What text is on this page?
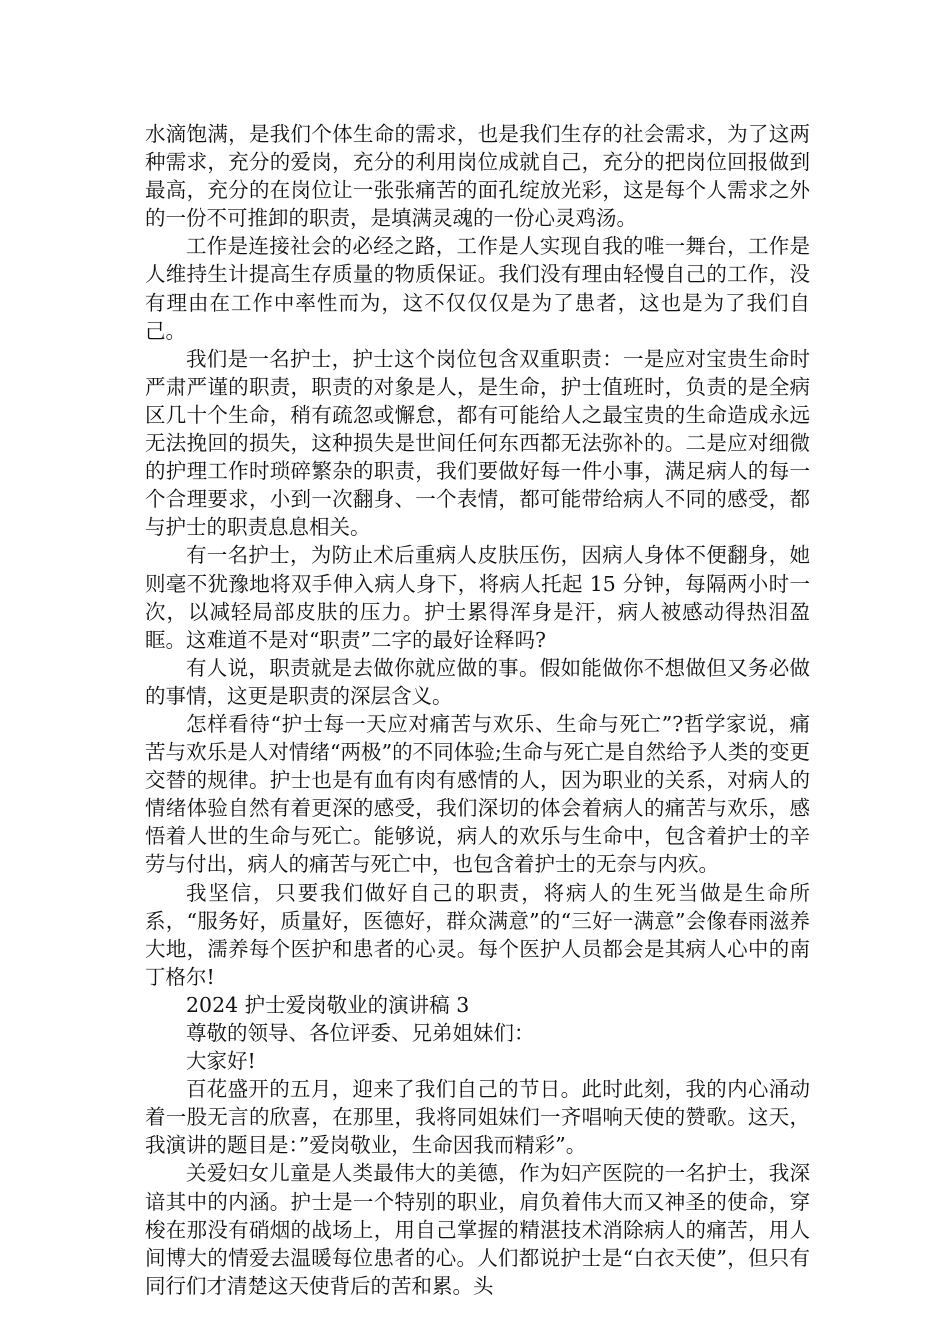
水滴饱满，是我们个体生命的需求，也是我们生存的社会需求，为了这两种需求，充分的爱岗，充分的利用岗位成就自己，充分的把岗位回报做到最高，充分的在岗位让一张张痛苦的面孔绽放光彩，这是每个人需求之外的一份不可推卸的职责，是填满灵魂的一份心灵鸡汤。

工作是连接社会的必经之路，工作是人实现自我的唯一舞台，工作是人维持生计提高生存质量的物质保证。我们没有理由轻慢自己的工作，没有理由在工作中率性而为，这不仅仅仅是为了患者，这也是为了我们自己。

我们是一名护士，护士这个岗位包含双重职责：一是应对宝贵生命时严肃严谨的职责，职责的对象是人，是生命，护士值班时，负责的是全病区几十个生命，稍有疏忽或懈怠，都有可能给人之最宝贵的生命造成永远无法挽回的损失，这种损失是世间任何东西都无法弥补的。二是应对细微的护理工作时琐碎繁杂的职责，我们要做好每一件小事，满足病人的每一个合理要求，小到一次翻身、一个表情，都可能带给病人不同的感受，都与护士的职责息息相关。

有一名护士，为防止术后重病人皮肤压伤，因病人身体不便翻身，她则毫不犹豫地将双手伸入病人身下，将病人托起 15 分钟，每隔两小时一次，以减轻局部皮肤的压力。护士累得浑身是汗，病人被感动得热泪盈眶。这难道不是对“职责”二字的最好诠释吗?

有人说，职责就是去做你就应做的事。假如能做你不想做但又务必做的事情，这更是职责的深层含义。

怎样看待“护士每一天应对痛苦与欢乐、生命与死亡”?哲学家说，痛苦与欢乐是人对情绪“两极”的不同体验;生命与死亡是自然给予人类的变更交替的规律。护士也是有血有肉有感情的人，因为职业的关系，对病人的情绪体验自然有着更深的感受，我们深切的体会着病人的痛苦与欢乐，感悟着人世的生命与死亡。能够说，病人的欢乐与生命中，包含着护士的辛劳与付出，病人的痛苦与死亡中，也包含着护士的无奈与内疚。

我坚信，只要我们做好自己的职责，将病人的生死当做是生命所系，“服务好，质量好，医德好，群众满意”的“三好一满意”会像春雨滋养大地，濡养每个医护和患者的心灵。每个医护人员都会是其病人心中的南丁格尔!

2024 护士爱岗敬业的演讲稿 3

尊敬的领导、各位评委、兄弟姐妹们：

大家好!

百花盛开的五月，迎来了我们自己的节日。此时此刻，我的内心涌动着一股无言的欣喜，在那里，我将同姐妹们一齐唱响天使的赞歌。这天，我演讲的题目是：”爱岗敬业，生命因我而精彩”。

关爱妇女儿童是人类最伟大的美德，作为妇产医院的一名护士，我深谙其中的内涵。护士是一个特别的职业，肩负着伟大而又神圣的使命，穿梭在那没有硝烟的战场上，用自己掌握的精湛技术消除病人的痛苦，用人间博大的情爱去温暖每位患者的心。人们都说护士是“白衣天使”，但只有同行们才清楚这天使背后的苦和累。头
